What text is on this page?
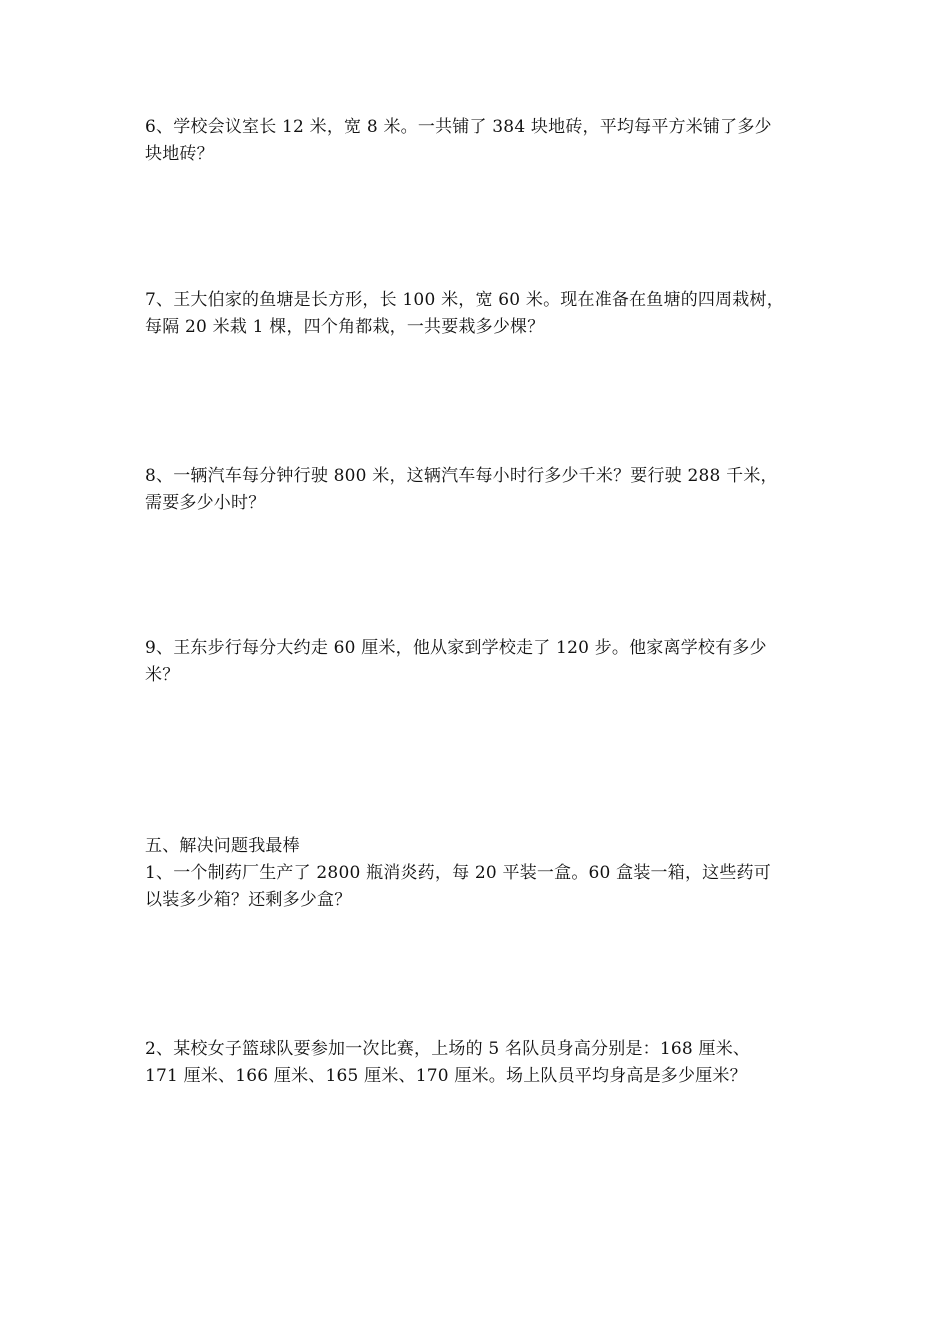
6、学校会议室长 12 米，宽 8 米。一共铺了 384 块地砖，平均每平方米铺了多少
块地砖？
7、王大伯家的鱼塘是长方形，长 100 米，宽 60 米。现在准备在鱼塘的四周栽树，
每隔 20 米栽 1 棵，四个角都栽，一共要栽多少棵？
8、一辆汽车每分钟行驶 800 米，这辆汽车每小时行多少千米？要行驶 288 千米，
需要多少小时？
9、王东步行每分大约走 60 厘米，他从家到学校走了 120 步。他家离学校有多少
米？
五、解决问题我最棒
1、一个制药厂生产了 2800 瓶消炎药，每 20 平装一盒。60 盒装一箱，这些药可
以装多少箱？还剩多少盒？
2、某校女子篮球队要参加一次比赛，上场的 5 名队员身高分别是：168 厘米、
171 厘米、166 厘米、165 厘米、170 厘米。场上队员平均身高是多少厘米？
